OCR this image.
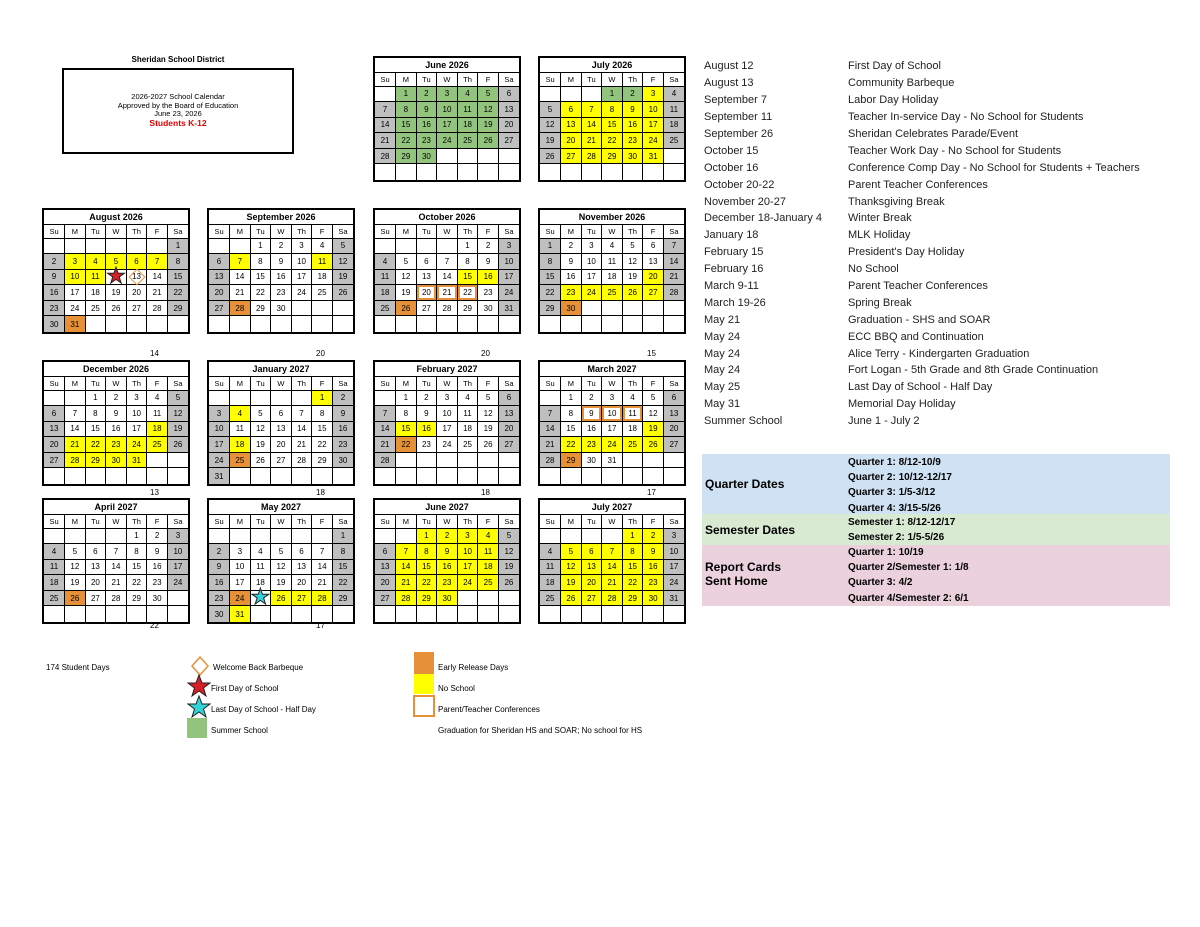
Sheridan School District
2026-2027 School Calendar
Approved by the Board of Education
June 23, 2026
Students K-12
June 2026
Su	M	Tu	W	Th	F	Sa
	1	2	3	4	5	6
7	8	9	10	11	12	13
14	15	16	17	18	19	20
21	22	23	24	25	26	27
28	29	30				

July 2026
Su	M	Tu	W	Th	F	Sa
			1	2	3	4
5	6	7	8	9	10	11
12	13	14	15	16	17	18
19	20	21	22	23	24	25
26	27	28	29	30	31	

August 2026
Su	M	Tu	W	Th	F	Sa
						1
2	3	4	5	6	7	8
9	10	11	12 ★	13	14	15
16	17	18	19	20	21	22
23	24	25	26	27	28	29
30	31					
14
September 2026
Su	M	Tu	W	Th	F	Sa
		1	2	3	4	5
6	7	8	9	10	11	12
13	14	15	16	17	18	19
20	21	22	23	24	25	26
27	28	29	30			

20
October 2026
Su	M	Tu	W	Th	F	Sa
				1	2	3
4	5	6	7	8	9	10
11	12	13	14	15	16	17
18	19	20	21	22	23	24
25	26	27	28	29	30	31

20
November 2026
Su	M	Tu	W	Th	F	Sa
1	2	3	4	5	6	7
8	9	10	11	12	13	14
15	16	17	18	19	20	21
22	23	24	25	26	27	28
29	30					

15
December 2026
Su	M	Tu	W	Th	F	Sa
		1	2	3	4	5
6	7	8	9	10	11	12
13	14	15	16	17	18	19
20	21	22	23	24	25	26
27	28	29	30	31		

13
January 2027
Su	M	Tu	W	Th	F	Sa
					1	2
3	4	5	6	7	8	9
10	11	12	13	14	15	16
17	18	19	20	21	22	23
24	25	26	27	28	29	30
31						
18
February 2027
Su	M	Tu	W	Th	F	Sa
	1	2	3	4	5	6
7	8	9	10	11	12	13
14	15	16	17	18	19	20
21	22	23	24	25	26	27
28						

18
March 2027
Su	M	Tu	W	Th	F	Sa
	1	2	3	4	5	6
7	8	9	10	11	12	13
14	15	16	17	18	19	20
21	22	23	24	25	26	27
28	29	30	31			

17
April 2027
Su	M	Tu	W	Th	F	Sa
				1	2	3
4	5	6	7	8	9	10
11	12	13	14	15	16	17
18	19	20	21	22	23	24
25	26	27	28	29	30	

22
May 2027
Su	M	Tu	W	Th	F	Sa
						1
2	3	4	5	6	7	8
9	10	11	12	13	14	15
16	17	18	19	20	21	22
23	24	25 ★	26	27	28	29
30	31					
17
June 2027
Su	M	Tu	W	Th	F	Sa
		1	2	3	4	5
6	7	8	9	10	11	12
13	14	15	16	17	18	19
20	21	22	23	24	25	26
27	28	29	30			

July 2027
Su	M	Tu	W	Th	F	Sa
				1	2	3
4	5	6	7	8	9	10
11	12	13	14	15	16	17
18	19	20	21	22	23	24
25	26	27	28	29	30	31

August 12	First Day of School
August 13	Community Barbeque
September 7	Labor Day Holiday
September 11	Teacher In-service Day - No School for Students
September 26	Sheridan Celebrates Parade/Event
October 15	Teacher Work Day - No School for Students
October 16	Conference Comp Day - No School for Students + Teachers
October 20-22	Parent Teacher Conferences
November 20-27	Thanksgiving Break
December 18-January 4	Winter Break
January 18	MLK Holiday
February 15	President's Day Holiday
February 16	No School
March 9-11	Parent Teacher Conferences
March 19-26	Spring Break
May 21	Graduation - SHS and SOAR
May 24	ECC BBQ and Continuation
May 24	Alice Terry - Kindergarten Graduation
May 24	Fort Logan - 5th Grade and 8th Grade Continuation
May 25	Last Day of School - Half Day
May 31	Memorial Day Holiday
Summer School	June 1 - July 2
Quarter Dates
Quarter 1: 8/12-10/9
Quarter 2: 10/12-12/17
Quarter 3: 1/5-3/12
Quarter 4: 3/15-5/26
Semester Dates
Semester 1: 8/12-12/17
Semester 2: 1/5-5/26
Report Cards
Sent Home
Quarter 1: 10/19
Quarter 2/Semester 1: 1/8
Quarter 3: 4/2
Quarter 4/Semester 2: 6/1
174 Student Days	Welcome Back Barbeque
First Day of School
Last Day of School - Half Day
Summer School
Early Release Days
No School
Parent/Teacher Conferences
Graduation for Sheridan HS and SOAR; No school for HS
